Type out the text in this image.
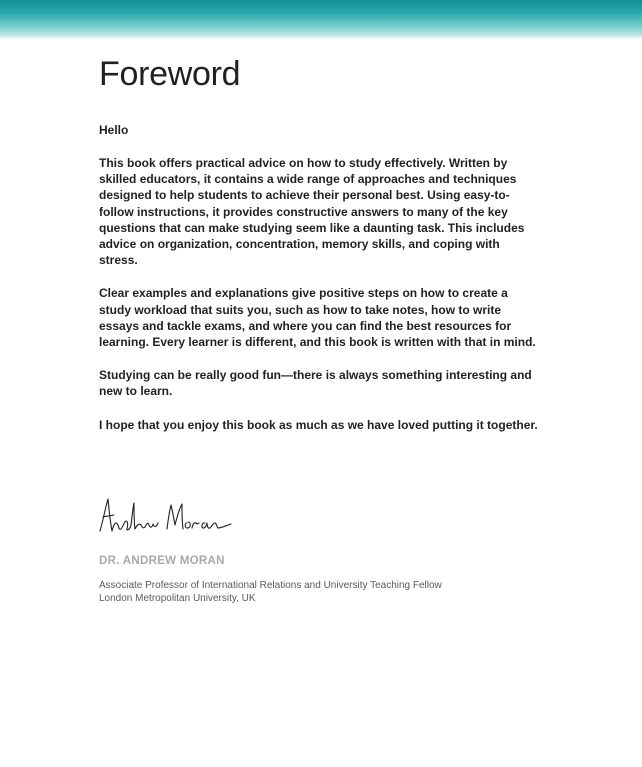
Foreword

Hello

This book offers practical advice on how to study effectively. Written by skilled educators, it contains a wide range of approaches and techniques designed to help students to achieve their personal best. Using easy-to-follow instructions, it provides constructive answers to many of the key questions that can make studying seem like a daunting task. This includes advice on organization, concentration, memory skills, and coping with stress.

Clear examples and explanations give positive steps on how to create a study workload that suits you, such as how to take notes, how to write essays and tackle exams, and where you can find the best resources for learning. Every learner is different, and this book is written with that in mind.

Studying can be really good fun—there is always something interesting and new to learn.

I hope that you enjoy this book as much as we have loved putting it together.

DR. ANDREW MORAN

Associate Professor of International Relations and University Teaching Fellow
London Metropolitan University, UK
